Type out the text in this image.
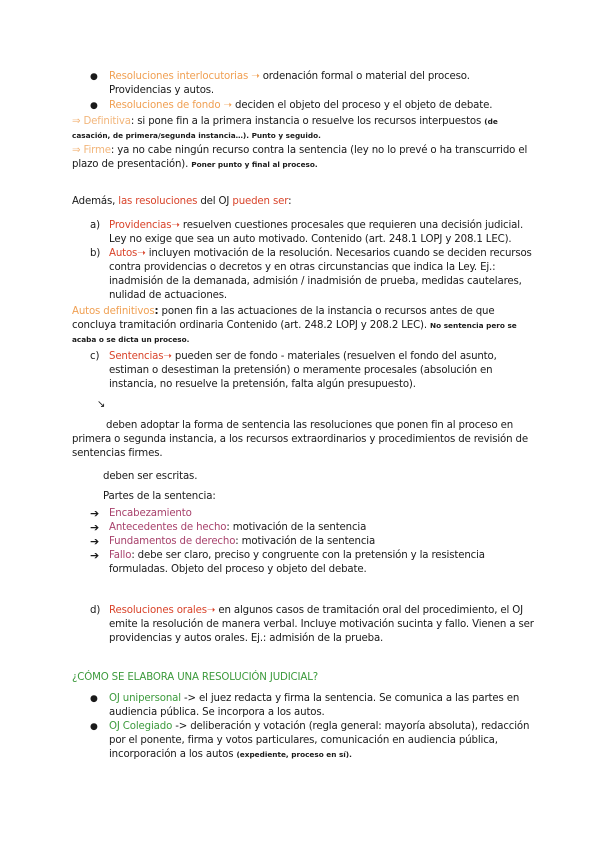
● Resoluciones interlocutorias ➝ ordenación formal o material del proceso.
Providencias y autos.
● Resoluciones de fondo ➝ deciden el objeto del proceso y el objeto de debate.
⇒ Definitiva: si pone fin a la primera instancia o resuelve los recursos interpuestos (de
casación, de primera/segunda instancia…). Punto y seguido.
⇒ Firme: ya no cabe ningún recurso contra la sentencia (ley no lo prevé o ha transcurrido el
plazo de presentación). Poner punto y final al proceso.
Además, las resoluciones del OJ pueden ser:
a) Providencias➝ resuelven cuestiones procesales que requieren una decisión judicial.
Ley no exige que sea un auto motivado. Contenido (art. 248.1 LOPJ y 208.1 LEC).
b) Autos➝ incluyen motivación de la resolución. Necesarios cuando se deciden recursos
contra providencias o decretos y en otras circunstancias que indica la Ley. Ej.:
inadmisión de la demanada, admisión / inadmisión de prueba, medidas cautelares,
nulidad de actuaciones.
Autos definitivos: ponen fin a las actuaciones de la instancia o recursos antes de que
concluya tramitación ordinaria Contenido (art. 248.2 LOPJ y 208.2 LEC). No sentencia pero se
acaba o se dicta un proceso.
c) Sentencias➝ pueden ser de fondo - materiales (resuelven el fondo del asunto,
estiman o desestiman la pretensión) o meramente procesales (absolución en
instancia, no resuelve la pretensión, falta algún presupuesto).
↘
deben adoptar la forma de sentencia las resoluciones que ponen fin al proceso en
primera o segunda instancia, a los recursos extraordinarios y procedimientos de revisión de
sentencias firmes.
deben ser escritas.
Partes de la sentencia:
➔ Encabezamiento
➔ Antecedentes de hecho: motivación de la sentencia
➔ Fundamentos de derecho: motivación de la sentencia
➔ Fallo: debe ser claro, preciso y congruente con la pretensión y la resistencia
formuladas. Objeto del proceso y objeto del debate.
d) Resoluciones orales➝ en algunos casos de tramitación oral del procedimiento, el OJ
emite la resolución de manera verbal. Incluye motivación sucinta y fallo. Vienen a ser
providencias y autos orales. Ej.: admisión de la prueba.
¿CÓMO SE ELABORA UNA RESOLUCIÓN JUDICIAL?
● OJ unipersonal -> el juez redacta y firma la sentencia. Se comunica a las partes en
audiencia pública. Se incorpora a los autos.
● OJ Colegiado -> deliberación y votación (regla general: mayoría absoluta), redacción
por el ponente, firma y votos particulares, comunicación en audiencia pública,
incorporación a los autos (expediente, proceso en sí).
